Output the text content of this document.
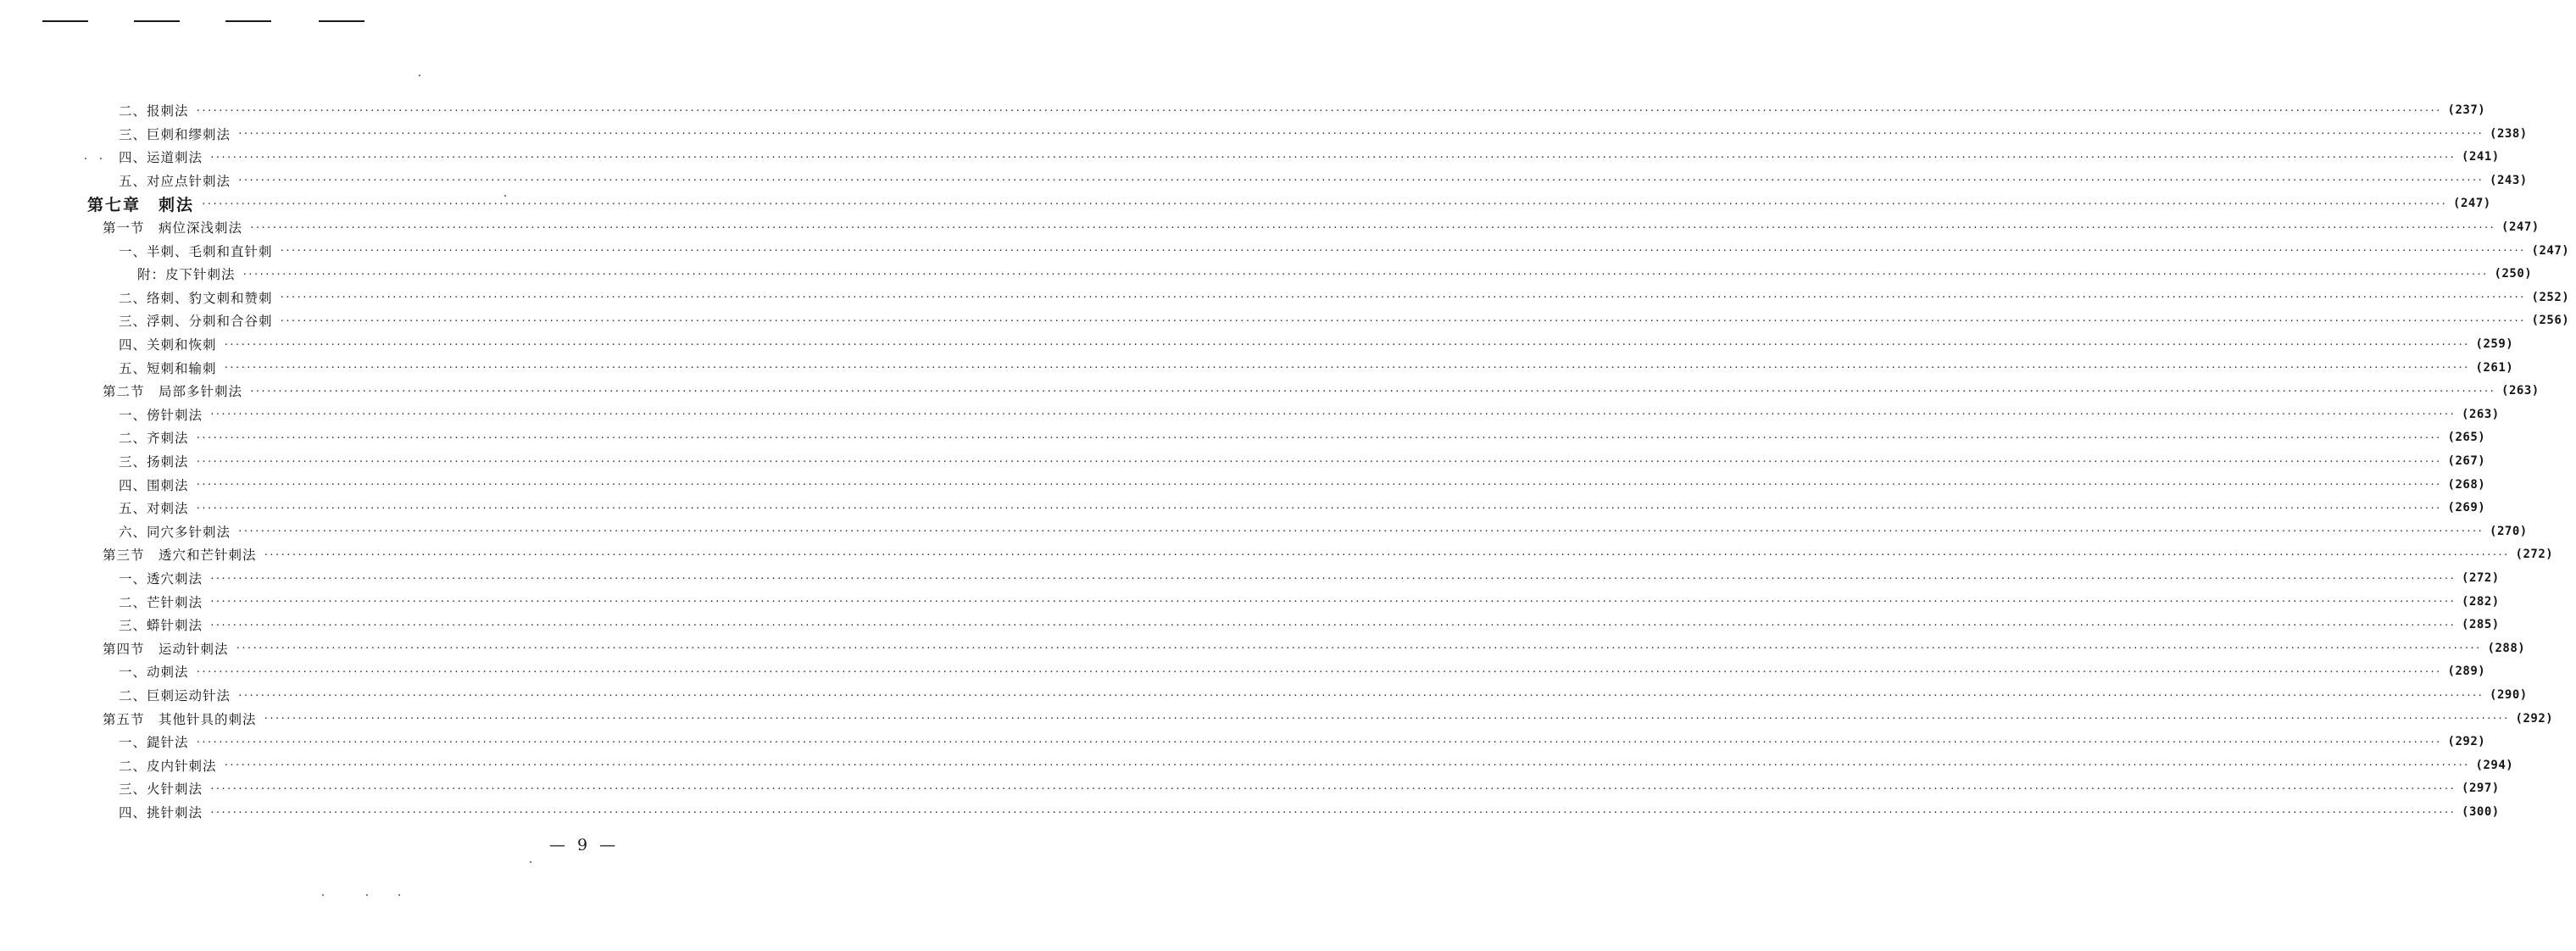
二、报刺法 ················································································································································································································································································································································································································ (237)
三、巨刺和缪刺法 ················································································································································································································································································································································································································ (238)
四、运道刺法 ················································································································································································································································································································································································································ (241)
五、对应点针刺法 ················································································································································································································································································································································································································ (243)
第七章　刺法 ················································································································································································································································································································································································································ (247)
第一节　病位深浅刺法 ················································································································································································································································································································································································································ (247)
一、半刺、毛刺和直针刺 ················································································································································································································································································································································································································ (247)
附：皮下针刺法 ················································································································································································································································································································································································································ (250)
二、络刺、豹文刺和赞刺 ················································································································································································································································································································································································································ (252)
三、浮刺、分刺和合谷刺 ················································································································································································································································································································································································································ (256)
四、关刺和恢刺 ················································································································································································································································································································································································································ (259)
五、短刺和输刺 ················································································································································································································································································································································································································ (261)
第二节　局部多针刺法 ················································································································································································································································································································································································································ (263)
一、傍针刺法 ················································································································································································································································································································································································································ (263)
二、齐刺法 ················································································································································································································································································································································································································ (265)
三、扬刺法 ················································································································································································································································································································································································································ (267)
四、围刺法 ················································································································································································································································································································································································································ (268)
五、对刺法 ················································································································································································································································································································································································································ (269)
六、同穴多针刺法 ················································································································································································································································································································································································································ (270)
第三节　透穴和芒针刺法 ················································································································································································································································································································································································································ (272)
一、透穴刺法 ················································································································································································································································································································································································································ (272)
二、芒针刺法 ················································································································································································································································································································································································································ (282)
三、蟒针刺法 ················································································································································································································································································································································································································ (285)
第四节　运动针刺法 ················································································································································································································································································································································································································ (288)
一、动刺法 ················································································································································································································································································································································································································ (289)
二、巨刺运动针法 ················································································································································································································································································································································································································ (290)
第五节　其他针具的刺法 ················································································································································································································································································································································································································ (292)
一、鍉针法 ················································································································································································································································································································································································································ (292)
二、皮内针刺法 ················································································································································································································································································································································································································ (294)
三、火针刺法 ················································································································································································································································································································································································································ (297)
四、挑针刺法 ················································································································································································································································································································································································································ (300)
— 9 —
